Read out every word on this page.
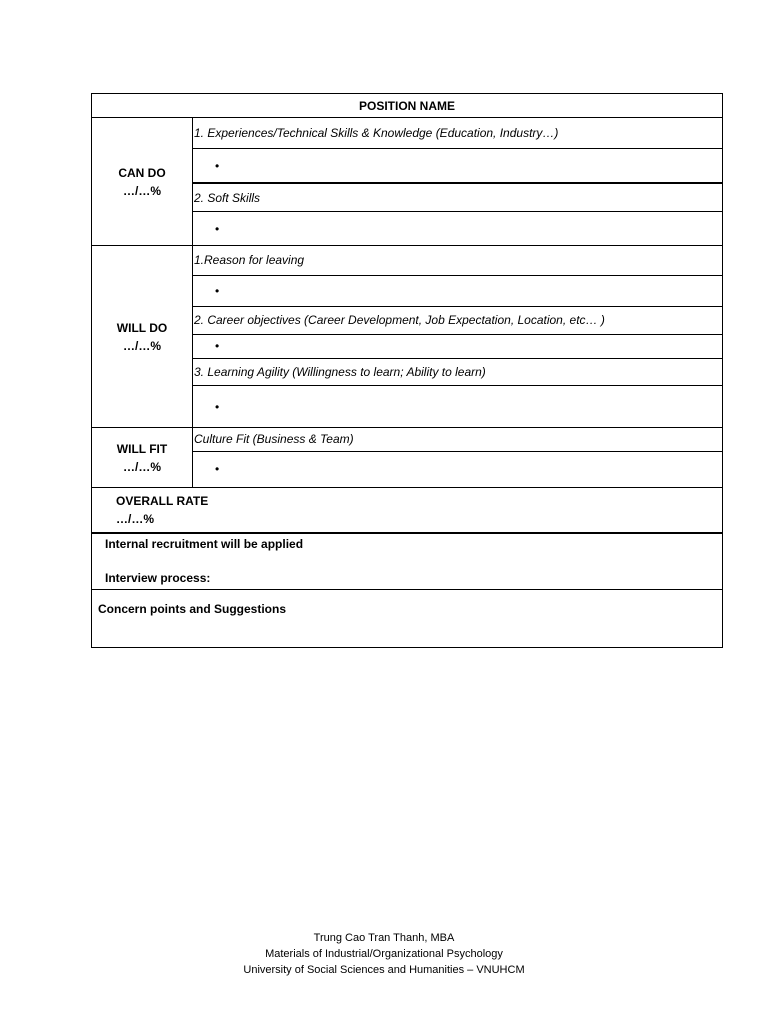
POSITION NAME
CAN DO
…/…%
1. Experiences/Technical Skills & Knowledge (Education, Industry…)
•
2. Soft Skills
•
WILL DO
…/…%
1.Reason for leaving
•
2. Career objectives (Career Development, Job Expectation, Location, etc… )
•
3. Learning Agility (Willingness to learn; Ability to learn)
•
WILL FIT
…/…%
Culture Fit (Business & Team)
•
OVERALL RATE
…/…%
Internal recruitment will be applied
Interview process:
Concern points and Suggestions
Trung Cao Tran Thanh, MBA
Materials of Industrial/Organizational Psychology
University of Social Sciences and Humanities – VNUHCM
